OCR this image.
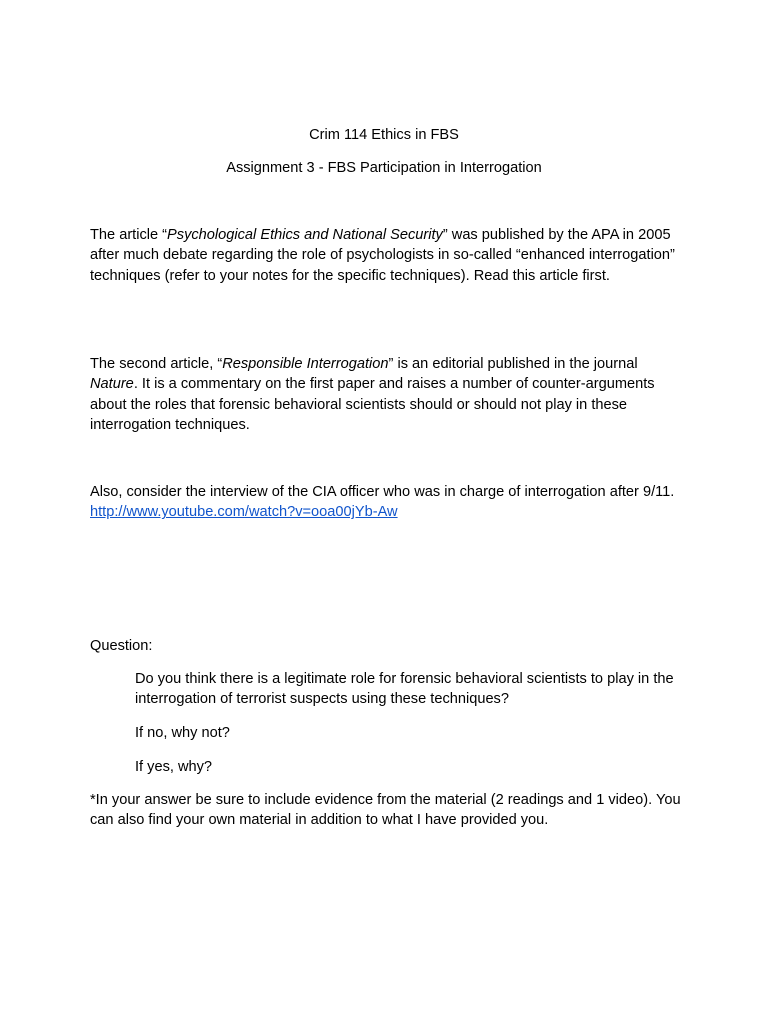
Crim 114 Ethics in FBS

Assignment 3 - FBS Participation in Interrogation

The article “Psychological Ethics and National Security” was published by the APA in 2005 after much debate regarding the role of psychologists in so-called “enhanced interrogation” techniques (refer to your notes for the specific techniques). Read this article first.

The second article, “Responsible Interrogation” is an editorial published in the journal Nature. It is a commentary on the first paper and raises a number of counter-arguments about the roles that forensic behavioral scientists should or should not play in these interrogation techniques.

Also, consider the interview of the CIA officer who was in charge of interrogation after 9/11. http://www.youtube.com/watch?v=ooa00jYb-Aw

Question:

Do you think there is a legitimate role for forensic behavioral scientists to play in the interrogation of terrorist suspects using these techniques?

If no, why not?

If yes, why?

*In your answer be sure to include evidence from the material (2 readings and 1 video). You can also find your own material in addition to what I have provided you.
